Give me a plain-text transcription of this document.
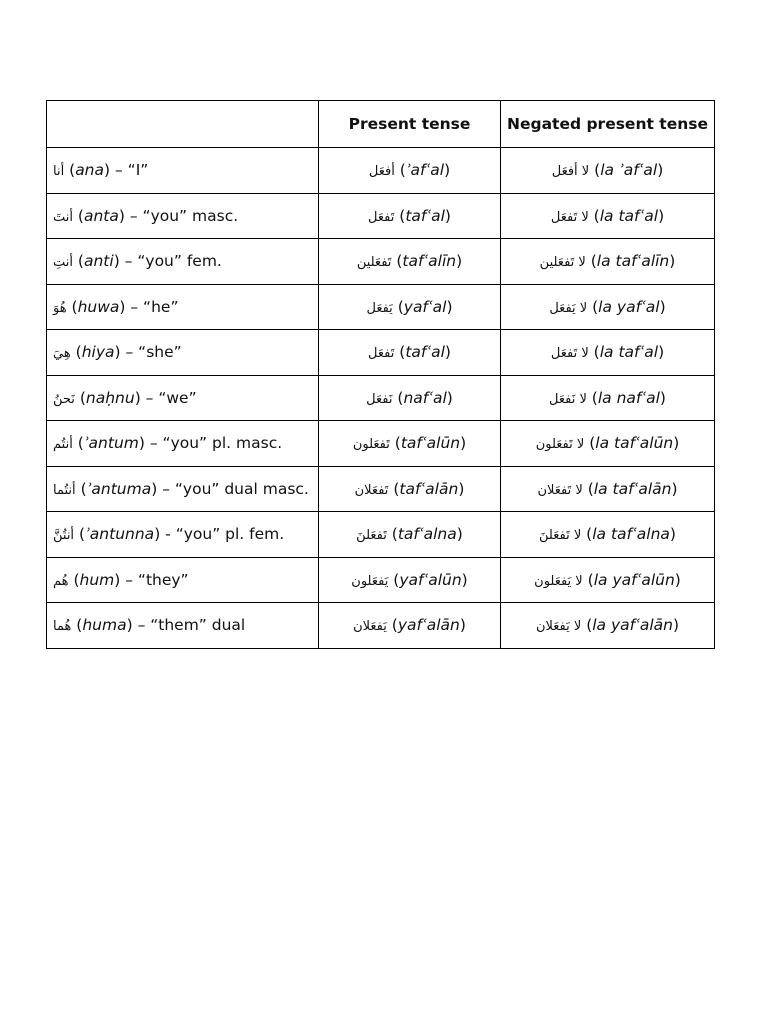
	Present tense	Negated present tense
أنا (ana) – “I”	أفعَل (ʾafʿal)	لا أفعَل (la ʾafʿal)
أنتَ (anta) – “you” masc.	تَفعَل (tafʿal)	لا تَفعَل (la tafʿal)
أنتِ (anti) – “you” fem.	تَفعَلين (tafʿalīn)	لا تَفعَلين (la tafʿalīn)
هُوَ (huwa) – “he”	يَفعَل (yafʿal)	لا يَفعَل (la yafʿal)
هِيَ (hiya) – “she”	تَفعَل (tafʿal)	لا تَفعَل (la tafʿal)
نَحنُ (naḥnu) – “we”	نَفعَل (nafʿal)	لا نَفعَل (la nafʿal)
أنتُم (ʾantum) – “you” pl. masc.	تَفعَلون (tafʿalūn)	لا تَفعَلون (la tafʿalūn)
أنتُما (ʾantuma) – “you” dual masc.	تَفعَلان (tafʿalān)	لا تَفعَلان (la tafʿalān)
أنتُنَّ (ʾantunna) - “you” pl. fem.	تَفعَلنَ (tafʿalna)	لا تَفعَلنَ (la tafʿalna)
هُم (hum) – “they”	يَفعَلون (yafʿalūn)	لا يَفعَلون (la yafʿalūn)
هُما (huma) – “them” dual	يَفعَلان (yafʿalān)	لا يَفعَلان (la yafʿalān)
